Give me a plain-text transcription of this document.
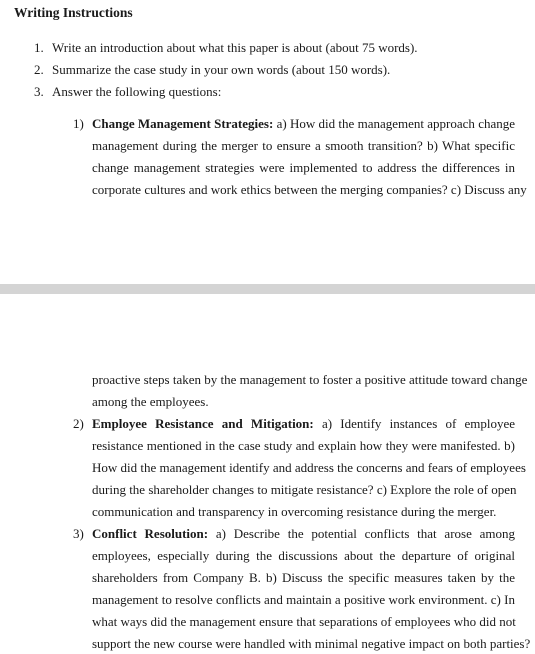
Writing Instructions
1. Write an introduction about what this paper is about (about 75 words).
2. Summarize the case study in your own words (about 150 words).
3. Answer the following questions:
1) Change Management Strategies: a) How did the management approach change
management during the merger to ensure a smooth transition? b) What specific
change management strategies were implemented to address the differences in
corporate cultures and work ethics between the merging companies? c) Discuss any
proactive steps taken by the management to foster a positive attitude toward change
among the employees.
2) Employee Resistance and Mitigation: a) Identify instances of employee
resistance mentioned in the case study and explain how they were manifested. b)
How did the management identify and address the concerns and fears of employees
during the shareholder changes to mitigate resistance? c) Explore the role of open
communication and transparency in overcoming resistance during the merger.
3) Conflict Resolution: a) Describe the potential conflicts that arose among
employees, especially during the discussions about the departure of original
shareholders from Company B. b) Discuss the specific measures taken by the
management to resolve conflicts and maintain a positive work environment. c) In
what ways did the management ensure that separations of employees who did not
support the new course were handled with minimal negative impact on both parties?
